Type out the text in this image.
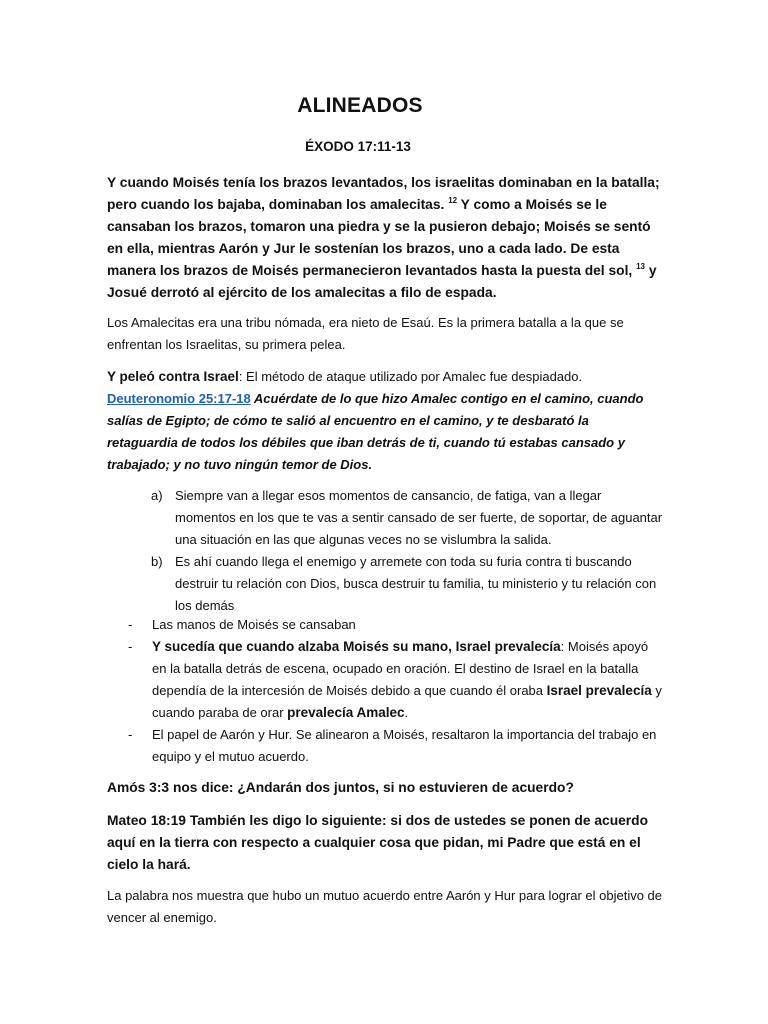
ALINEADOS
ÉXODO 17:11-13
Y cuando Moisés tenía los brazos levantados, los israelitas dominaban en la batalla; pero cuando los bajaba, dominaban los amalecitas. $^{12}$ Y como a Moisés se le cansaban los brazos, tomaron una piedra y se la pusieron debajo; Moisés se sentó en ella, mientras Aarón y Jur le sostenían los brazos, uno a cada lado. De esta manera los brazos de Moisés permanecieron levantados hasta la puesta del sol, $^{13}$ y Josué derrotó al ejército de los amalecitas a filo de espada.
Los Amalecitas era una tribu nómada, era nieto de Esaú. Es la primera batalla a la que se enfrentan los Israelitas, su primera pelea.
Y peleó contra Israel: El método de ataque utilizado por Amalec fue despiadado. Deuteronomio 25:17-18 Acuérdate de lo que hizo Amalec contigo en el camino, cuando salías de Egipto; de cómo te salió al encuentro en el camino, y te desbarató la retaguardia de todos los débiles que iban detrás de ti, cuando tú estabas cansado y trabajado; y no tuvo ningún temor de Dios.
a) Siempre van a llegar esos momentos de cansancio, de fatiga, van a llegar momentos en los que te vas a sentir cansado de ser fuerte, de soportar, de aguantar una situación en las que algunas veces no se vislumbra la salida.
b) Es ahí cuando llega el enemigo y arremete con toda su furia contra ti buscando destruir tu relación con Dios, busca destruir tu familia, tu ministerio y tu relación con los demás
- Las manos de Moisés se cansaban
- Y sucedía que cuando alzaba Moisés su mano, Israel prevalecía: Moisés apoyó en la batalla detrás de escena, ocupado en oración. El destino de Israel en la batalla dependía de la intercesión de Moisés debido a que cuando él oraba Israel prevalecía y cuando paraba de orar prevalecía Amalec.
- El papel de Aarón y Hur. Se alinearon a Moisés, resaltaron la importancia del trabajo en equipo y el mutuo acuerdo.
Amós 3:3 nos dice: ¿Andarán dos juntos, si no estuvieren de acuerdo?
Mateo 18:19 También les digo lo siguiente: si dos de ustedes se ponen de acuerdo aquí en la tierra con respecto a cualquier cosa que pidan, mi Padre que está en el cielo la hará.
La palabra nos muestra que hubo un mutuo acuerdo entre Aarón y Hur para lograr el objetivo de vencer al enemigo.
